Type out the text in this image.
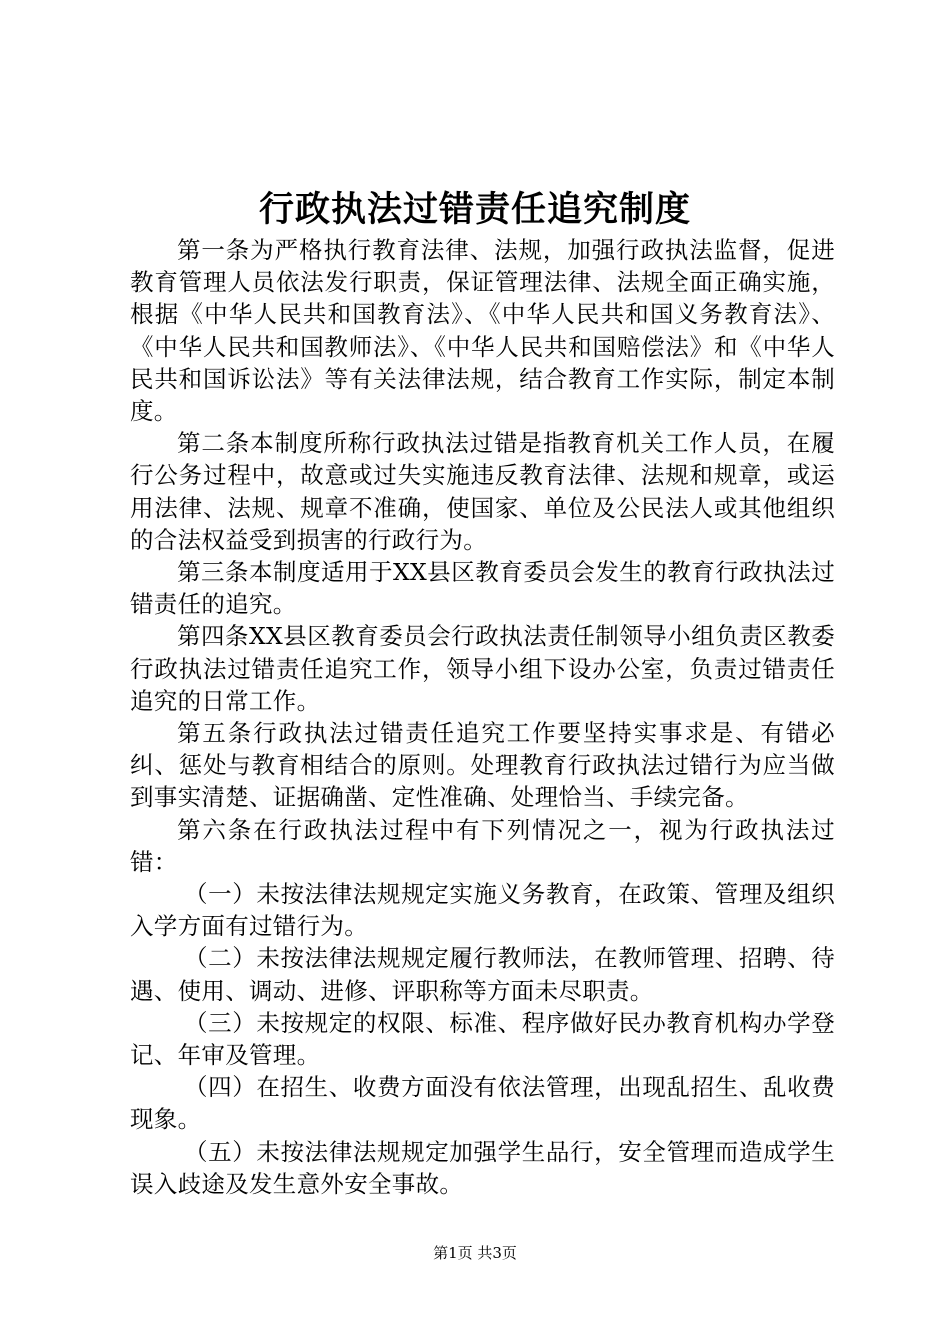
行政执法过错责任追究制度

第一条为严格执行教育法律、法规，加强行政执法监督，促进教育管理人员依法发行职责，保证管理法律、法规全面正确实施，根据《中华人民共和国教育法》、《中华人民共和国义务教育法》、《中华人民共和国教师法》、《中华人民共和国赔偿法》和《中华人民共和国诉讼法》等有关法律法规，结合教育工作实际，制定本制度。

第二条本制度所称行政执法过错是指教育机关工作人员，在履行公务过程中，故意或过失实施违反教育法律、法规和规章，或运用法律、法规、规章不准确，使国家、单位及公民法人或其他组织的合法权益受到损害的行政行为。

第三条本制度适用于XX县区教育委员会发生的教育行政执法过错责任的追究。

第四条XX县区教育委员会行政执法责任制领导小组负责区教委行政执法过错责任追究工作，领导小组下设办公室，负责过错责任追究的日常工作。

第五条行政执法过错责任追究工作要坚持实事求是、有错必纠、惩处与教育相结合的原则。处理教育行政执法过错行为应当做到事实清楚、证据确凿、定性准确、处理恰当、手续完备。

第六条在行政执法过程中有下列情况之一，视为行政执法过错：

（一）未按法律法规规定实施义务教育，在政策、管理及组织入学方面有过错行为。

（二）未按法律法规规定履行教师法，在教师管理、招聘、待遇、使用、调动、进修、评职称等方面未尽职责。

（三）未按规定的权限、标准、程序做好民办教育机构办学登记、年审及管理。

（四）在招生、收费方面没有依法管理，出现乱招生、乱收费现象。

（五）未按法律法规规定加强学生品行，安全管理而造成学生误入歧途及发生意外安全事故。

第1页 共3页
